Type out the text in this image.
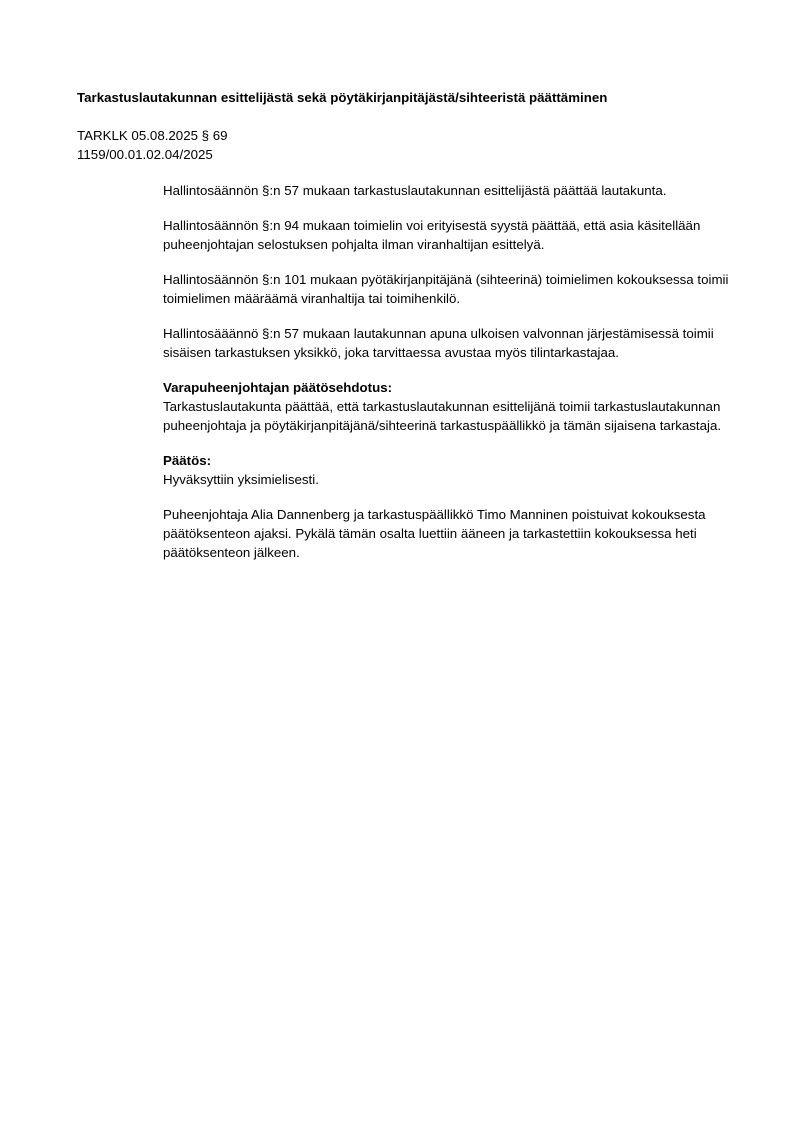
Tarkastuslautakunnan esittelijästä sekä pöytäkirjanpitäjästä/sihteeristä päättäminen
TARKLK 05.08.2025 § 69
1159/00.01.02.04/2025

Hallintosäännön §:n 57 mukaan tarkastuslautakunnan esittelijästä päättää lautakunta.

Hallintosäännön §:n 94 mukaan toimielin voi erityisestä syystä päättää, että asia käsitellään puheenjohtajan selostuksen pohjalta ilman viranhaltijan esittelyä.

Hallintosäännön §:n 101 mukaan pyötäkirjanpitäjänä (sihteerinä) toimielimen kokouksessa toimii toimielimen määräämä viranhaltija tai toimihenkilö.

Hallintosääännö §:n 57 mukaan lautakunnan apuna ulkoisen valvonnan järjestämisessä toimii sisäisen tarkastuksen yksikkö, joka tarvittaessa avustaa myös tilintarkastajaa.

Varapuheenjohtajan päätösehdotus:
Tarkastuslautakunta päättää, että tarkastuslautakunnan esittelijänä toimii tarkastuslautakunnan puheenjohtaja ja pöytäkirjanpitäjänä/sihteerinä tarkastuspäällikkö ja tämän sijaisena tarkastaja.
Päätös:
Hyväksyttiin yksimielisesti.

Puheenjohtaja Alia Dannenberg ja tarkastuspäällikkö Timo Manninen poistuivat kokouksesta päätöksenteon ajaksi. Pykälä tämän osalta luettiin ääneen ja tarkastettiin kokouksessa heti päätöksenteon jälkeen.
